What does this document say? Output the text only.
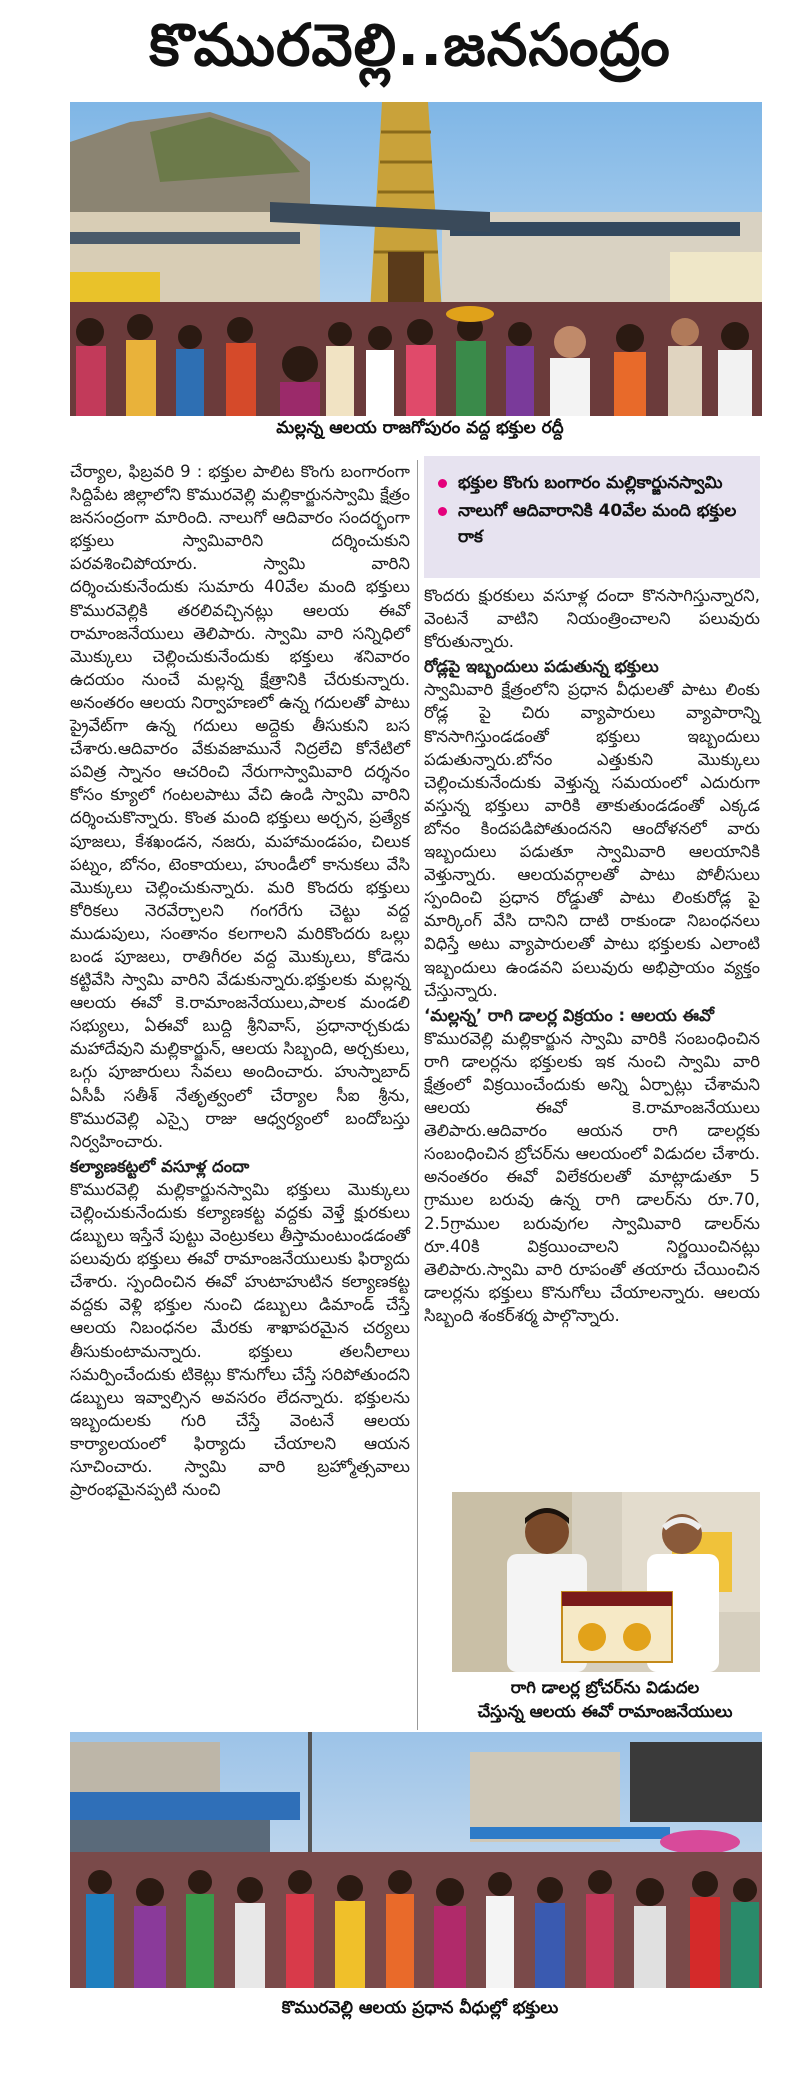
కొమురవెల్లి..జనసంద్రం
మల్లన్న ఆలయ రాజగోపురం వద్ద భక్తుల రద్దీ
భక్తుల కొంగు బంగారం మల్లికార్జునస్వామి
నాలుగో ఆదివారానికి 40వేల మంది భక్తుల రాక

చేర్యాల, ఫిబ్రవరి 9 : భక్తుల పాలిట కొంగు బంగారంగా సిద్దిపేట జిల్లాలోని కొమురవెల్లి మల్లికార్జునస్వామి క్షేత్రం జనసంద్రంగా మారింది. నాలుగో ఆదివారం సందర్భంగా భక్తులు స్వామివారిని దర్శించుకుని పరవశించిపోయారు. స్వామి వారిని దర్శించుకునేందుకు సుమారు 40వేల మంది భక్తులు కొమురవెల్లికి తరలివచ్చినట్లు ఆలయ ఈవో రామాంజనేయులు తెలిపారు. స్వామి వారి సన్నిధిలో మొక్కులు చెల్లించుకునేందుకు భక్తులు శనివారం ఉదయం నుంచే మల్లన్న క్షేత్రానికి చేరుకున్నారు. అనంతరం ఆలయ నిర్వాహణలో ఉన్న గదులతో పాటు ప్రైవేట్‌గా ఉన్న గదులు అద్దెకు తీసుకుని బస చేశారు.ఆదివారం వేకువజామునే నిద్రలేచి కోనేటిలో పవిత్ర స్నానం ఆచరించి నేరుగాస్వామివారి దర్శనం కోసం క్యూలో గంటలపాటు వేచి ఉండి స్వామి వారిని దర్శించుకొన్నారు. కొంత మంది భక్తులు అర్చన, ప్రత్యేక పూజలు, కేశఖండన, నజరు, మహామండపం, చిలుక పట్నం, బోనం, టెంకాయలు, హుండీలో కానుకలు వేసి మొక్కులు చెల్లించుకున్నారు. మరి కొందరు భక్తులు కోరికలు నెరవేర్చాలని గంగరేగు చెట్టు వద్ద ముడుపులు, సంతానం కలగాలని మరికొందరు ఒల్లు బండ పూజలు, రాతిగీరల వద్ద మొక్కులు, కోడెను కట్టివేసి స్వామి వారిని వేడుకున్నారు.భక్తులకు మల్లన్న ఆలయ ఈవో కె.రామాంజనేయులు,పాలక మండలి సభ్యులు, ఏఈవో బుద్ది శ్రీనివాస్, ప్రధానార్చకుడు మహాదేవుని మల్లికార్జున్, ఆలయ సిబ్బంది, అర్చకులు, ఒగ్గు పూజారులు సేవలు అందించారు. హుస్నాబాద్ ఏసీపీ సతీశ్ నేతృత్వంలో చేర్యాల సీఐ శ్రీను, కొమురవెల్లి ఎస్సై రాజు ఆధ్వర్యంలో బందోబస్తు నిర్వహించారు.

కల్యాణకట్టలో వసూళ్ల దందా

కొమురవెల్లి మల్లికార్జునస్వామి భక్తులు మొక్కులు చెల్లించుకునేందుకు కల్యాణకట్ట వద్దకు వెళ్తే క్షురకులు డబ్బులు ఇస్తేనే పుట్టు వెంట్రుకలు తీస్తామంటుండడంతో పలువురు భక్తులు ఈవో రామాంజనేయులుకు ఫిర్యాదు చేశారు. స్పందించిన ఈవో హుటాహుటిన కల్యాణకట్ట వద్దకు వెళ్లి భక్తుల నుంచి డబ్బులు డిమాండ్ చేస్తే ఆలయ నిబంధనల మేరకు శాఖాపరమైన చర్యలు తీసుకుంటామన్నారు. భక్తులు తలనీలాలు సమర్పించేందుకు టికెట్లు కొనుగోలు చేస్తే సరిపోతుందని డబ్బులు ఇవ్వాల్సిన అవసరం లేదన్నారు. భక్తులను ఇబ్బందులకు గురి చేస్తే వెంటనే ఆలయ కార్యాలయంలో ఫిర్యాదు చేయాలని ఆయన సూచించారు. స్వామి వారి బ్రహ్మోత్సవాలు ప్రారంభమైనప్పటి నుంచి

కొందరు క్షురకులు వసూళ్ల దందా కొనసాగిస్తున్నారని, వెంటనే వాటిని నియంత్రించాలని పలువురు కోరుతున్నారు.

రోడ్లపై ఇబ్బందులు పడుతున్న భక్తులు

స్వామివారి క్షేత్రంలోని ప్రధాన వీధులతో పాటు లింకు రోడ్ల పై చిరు వ్యాపారులు వ్యాపారాన్ని కొనసాగిస్తుండడంతో భక్తులు ఇబ్బందులు పడుతున్నారు.బోనం ఎత్తుకుని మొక్కులు చెల్లించుకునేందుకు వెళ్తున్న సమయంలో ఎదురుగా వస్తున్న భక్తులు వారికి తాకుతుండడంతో ఎక్కడ బోనం కిందపడిపోతుందనని ఆందోళనలో వారు ఇబ్బందులు పడుతూ స్వామివారి ఆలయానికి వెళ్తున్నారు. ఆలయవర్గాలతో పాటు పోలీసులు స్పందించి ప్రధాన రోడ్డుతో పాటు లింకురోడ్ల పై మార్కింగ్ వేసి దానిని దాటి రాకుండా నిబంధనలు విధిస్తే అటు వ్యాపారులతో పాటు భక్తులకు ఎలాంటి ఇబ్బందులు ఉండవని పలువురు అభిప్రాయం వ్యక్తం చేస్తున్నారు.

‘మల్లన్న’ రాగి డాలర్ల విక్రయం : ఆలయ ఈవో

కొమురవెల్లి మల్లికార్జున స్వామి వారికి సంబంధించిన రాగి డాలర్లను భక్తులకు ఇక నుంచి స్వామి వారి క్షేత్రంలో విక్రయించేందుకు అన్ని ఏర్పాట్లు చేశామని ఆలయ ఈవో కె.రామాంజనేయులు తెలిపారు.ఆదివారం ఆయన రాగి డాలర్లకు సంబంధించిన బ్రోచర్‌ను ఆలయంలో విడుదల చేశారు. అనంతరం ఈవో విలేకరులతో మాట్లాడుతూ 5 గ్రాముల బరువు ఉన్న రాగి డాలర్‌ను రూ.70, 2.5గ్రాముల బరువుగల స్వామివారి డాలర్‌ను రూ.40కి విక్రయించాలని నిర్ణయించినట్లు తెలిపారు.స్వామి వారి రూపంతో తయారు చేయించిన డాలర్లను భక్తులు కొనుగోలు చేయాలన్నారు. ఆలయ సిబ్బంది శంకర్‌శర్మ పాల్గొన్నారు.

రాగి డాలర్ల బ్రోచర్‌ను విడుదల
చేస్తున్న ఆలయ ఈవో రామాంజనేయులు
కొమురవెల్లి ఆలయ ప్రధాన వీధుల్లో భక్తులు
